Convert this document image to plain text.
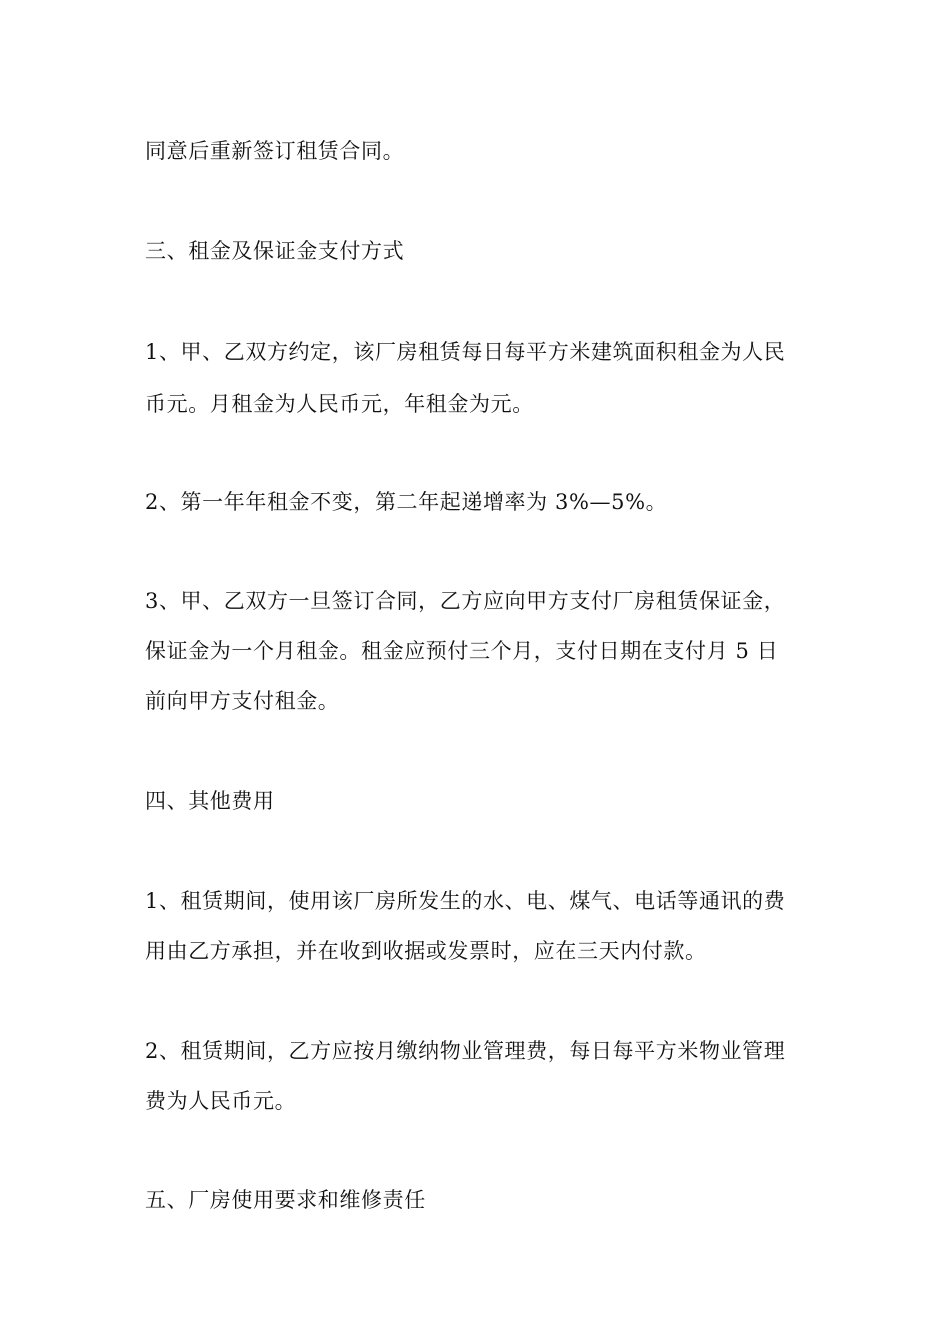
同意后重新签订租赁合同。
三、租金及保证金支付方式
1、甲、乙双方约定，该厂房租赁每日每平方米建筑面积租金为人民
币元。月租金为人民币元，年租金为元。
2、第一年年租金不变，第二年起递增率为 3%—5%。
3、甲、乙双方一旦签订合同，乙方应向甲方支付厂房租赁保证金，
保证金为一个月租金。租金应预付三个月，支付日期在支付月 5 日
前向甲方支付租金。
四、其他费用
1、租赁期间，使用该厂房所发生的水、电、煤气、电话等通讯的费
用由乙方承担，并在收到收据或发票时，应在三天内付款。
2、租赁期间，乙方应按月缴纳物业管理费，每日每平方米物业管理
费为人民币元。
五、厂房使用要求和维修责任
